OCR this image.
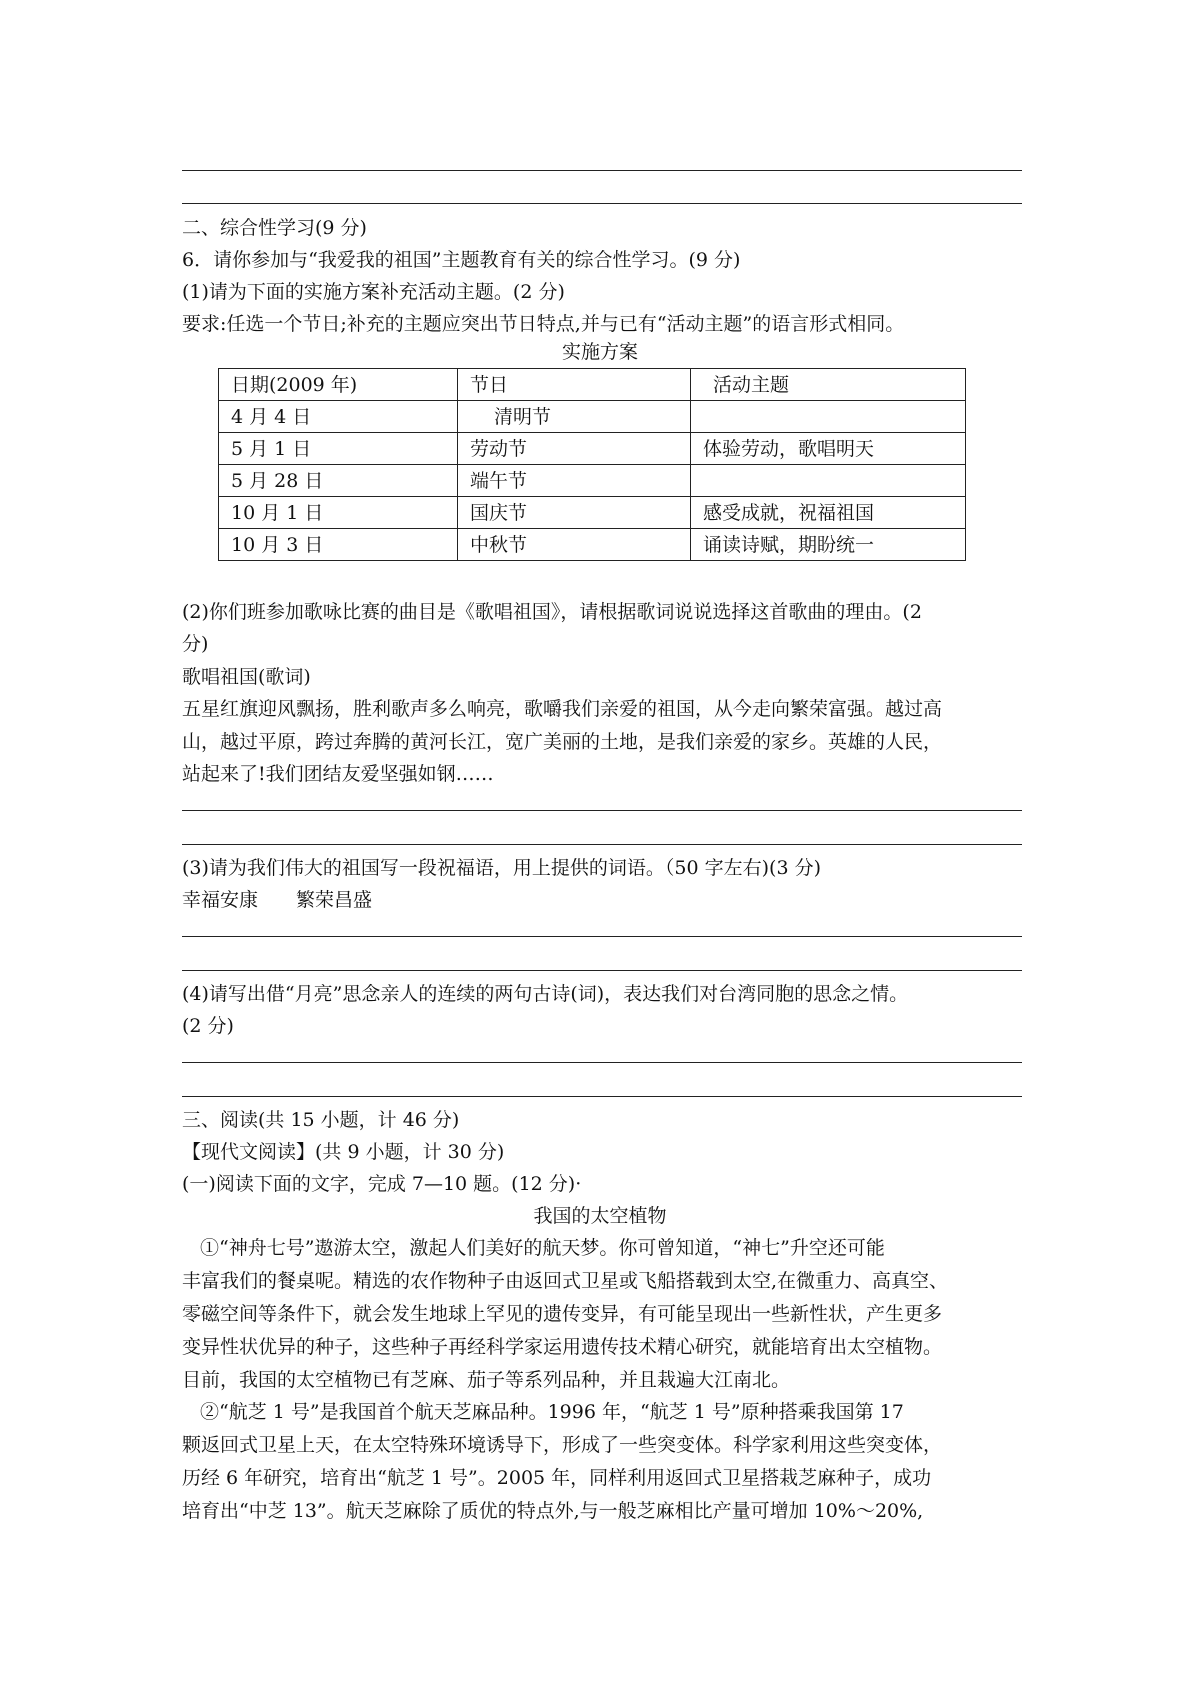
二、综合性学习(9 分)
6．请你参加与“我爱我的祖国”主题教育有关的综合性学习。(9 分)
(1)请为下面的实施方案补充活动主题。(2 分)
要求:任选一个节日;补充的主题应突出节日特点,并与已有“活动主题”的语言形式相同。
实施方案
日期(2009 年)	节日	活动主题
4 月 4 日	清明节	
5 月 1 日	劳动节	体验劳动，歌唱明天
5 月 28 日	端午节	
10 月 1 日	国庆节	感受成就，祝福祖国
10 月 3 日	中秋节	诵读诗赋，期盼统一
(2)你们班参加歌咏比赛的曲目是《歌唱祖国》，请根据歌词说说选择这首歌曲的理由。(2
分)
歌唱祖国(歌词)
五星红旗迎风飘扬，胜利歌声多么响亮，歌嚼我们亲爱的祖国，从今走向繁荣富强。越过高
山，越过平原，跨过奔腾的黄河长江，宽广美丽的土地，是我们亲爱的家乡。英雄的人民，
站起来了!我们团结友爱坚强如钢……
(3)请为我们伟大的祖国写一段祝福语，用上提供的词语。（50 字左右)(3 分)
幸福安康　　繁荣昌盛
(4)请写出借“月亮”思念亲人的连续的两句古诗(词)，表达我们对台湾同胞的思念之情。
(2 分)
三、阅读(共 15 小题，计 46 分)
【现代文阅读】(共 9 小题，计 30 分)
(一)阅读下面的文字，完成 7—10 题。(12 分)·
我国的太空植物
①“神舟七号”遨游太空，激起人们美好的航天梦。你可曾知道，“神七”升空还可能
丰富我们的餐桌呢。精选的农作物种子由返回式卫星或飞船搭载到太空,在微重力、高真空、
零磁空间等条件下，就会发生地球上罕见的遗传变异，有可能呈现出一些新性状，产生更多
变异性状优异的种子，这些种子再经科学家运用遗传技术精心研究，就能培育出太空植物。
目前，我国的太空植物已有芝麻、茄子等系列品种，并且栽遍大江南北。
②“航芝 1 号”是我国首个航天芝麻品种。1996 年，“航芝 1 号”原种搭乘我国第 17
颗返回式卫星上天，在太空特殊环境诱导下，形成了一些突变体。科学家利用这些突变体，
历经 6 年研究，培育出“航芝 1 号”。2005 年，同样利用返回式卫星搭栽芝麻种子，成功
培育出“中芝 13”。航天芝麻除了质优的特点外,与一般芝麻相比产量可增加 10%～20%,
